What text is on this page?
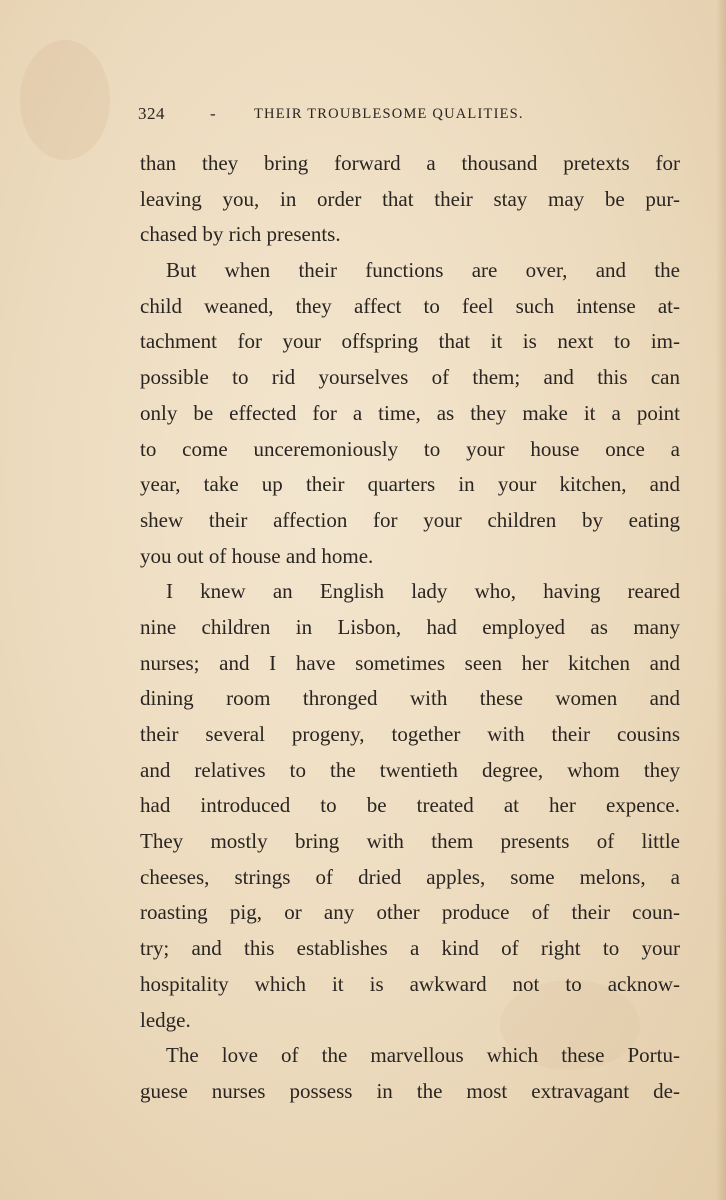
324	-	THEIR TROUBLESOME QUALITIES.
than they bring forward a thousand pretexts for
leaving you, in order that their stay may be pur-
chased by rich presents.
But when their functions are over, and the
child weaned, they affect to feel such intense at-
tachment for your offspring that it is next to im-
possible to rid yourselves of them; and this can
only be effected for a time, as they make it a point
to come unceremoniously to your house once a
year, take up their quarters in your kitchen, and
shew their affection for your children by eating
you out of house and home.
I knew an English lady who, having reared
nine children in Lisbon, had employed as many
nurses; and I have sometimes seen her kitchen and
dining room thronged with these women and
their several progeny, together with their cousins
and relatives to the twentieth degree, whom they
had introduced to be treated at her expence.
They mostly bring with them presents of little
cheeses, strings of dried apples, some melons, a
roasting pig, or any other produce of their coun-
try; and this establishes a kind of right to your
hospitality which it is awkward not to acknow-
ledge.
The love of the marvellous which these Portu-
guese nurses possess in the most extravagant de-
